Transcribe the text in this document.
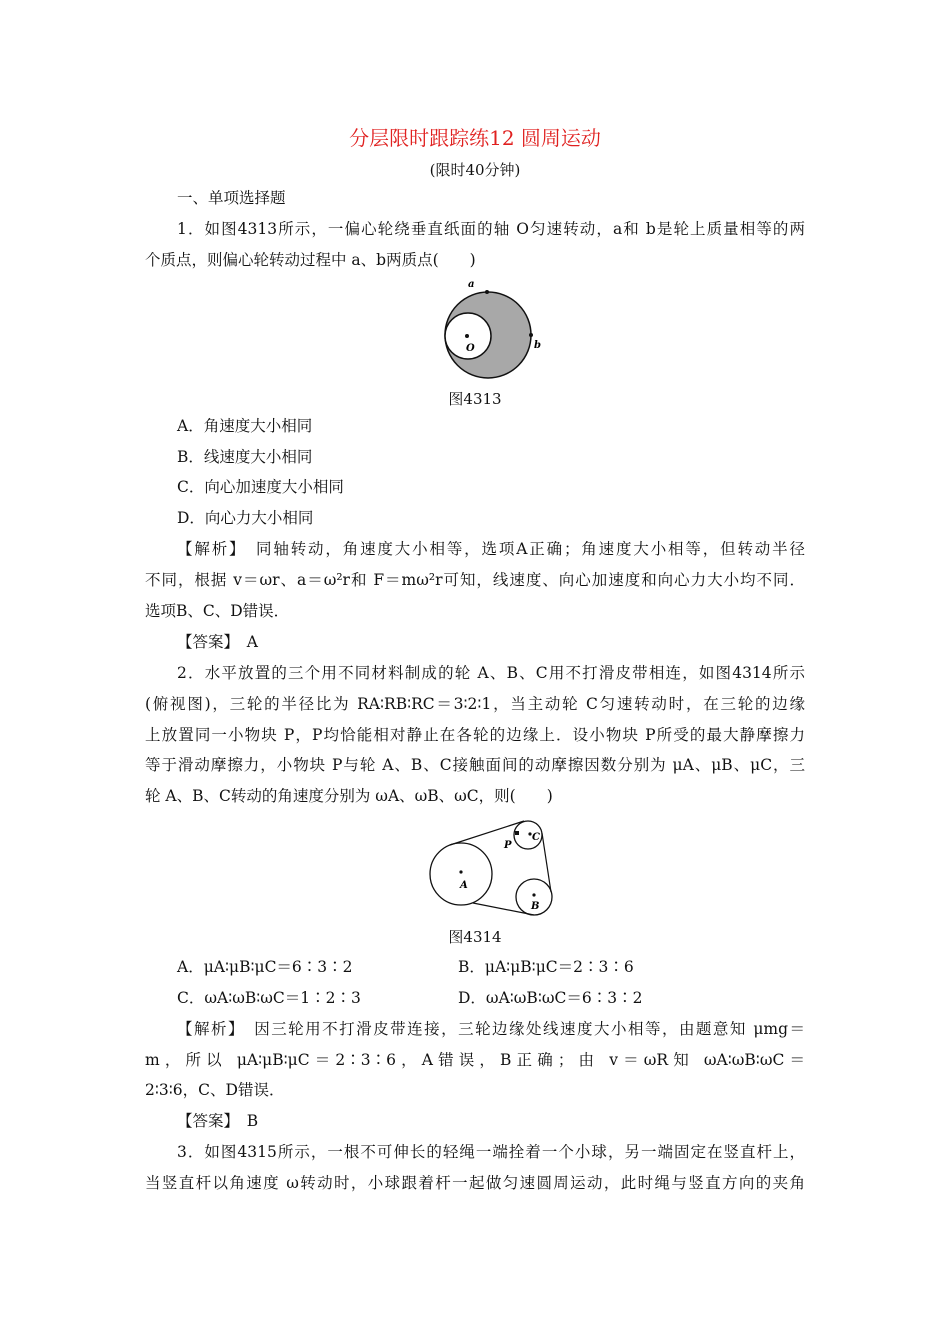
分层限时跟踪练12 圆周运动
(限时40分钟)
一、单项选择题
1．如图4313所示，一偏心轮绕垂直纸面的轴 O匀速转动，a和 b是轮上质量相等的两
个质点，则偏心轮转动过程中 a、b两质点(　　)
a
b
O
图4313
A．角速度大小相同
B．线速度大小相同
C．向心加速度大小相同
D．向心力大小相同
【解析】　同轴转动，角速度大小相等，选项A正确；角速度大小相等，但转动半径
不同，根据 v＝ωr、a＝ω²r和 F＝mω²r可知，线速度、向心加速度和向心力大小均不同．
选项B、C、D错误．
【答案】　A
2．水平放置的三个用不同材料制成的轮 A、B、C用不打滑皮带相连，如图4314所示
(俯视图)，三轮的半径比为 RA∶RB∶RC＝3∶2∶1，当主动轮 C匀速转动时，在三轮的边缘
上放置同一小物块 P，P均恰能相对静止在各轮的边缘上．设小物块 P所受的最大静摩擦力
等于滑动摩擦力，小物块 P与轮 A、B、C接触面间的动摩擦因数分别为 μA、μB、μC，三
轮 A、B、C转动的角速度分别为 ωA、ωB、ωC，则(　　)
A
B
C
P
图4314
A．μA∶μB∶μC＝6∶3∶2	B．μA∶μB∶μC＝2∶3∶6
C．ωA∶ωB∶ωC＝1∶2∶3	D．ωA∶ωB∶ωC＝6∶3∶2
【解析】　因三轮用不打滑皮带连接，三轮边缘处线速度大小相等，由题意知 μmg＝
m，所以 μA∶μB∶μC＝2∶3∶6，A错误，B正确；由 v＝ωR知 ωA∶ωB∶ωC＝
2∶3∶6，C、D错误．
【答案】　B
3．如图4315所示，一根不可伸长的轻绳一端拴着一个小球，另一端固定在竖直杆上，
当竖直杆以角速度 ω转动时，小球跟着杆一起做匀速圆周运动，此时绳与竖直方向的夹角
